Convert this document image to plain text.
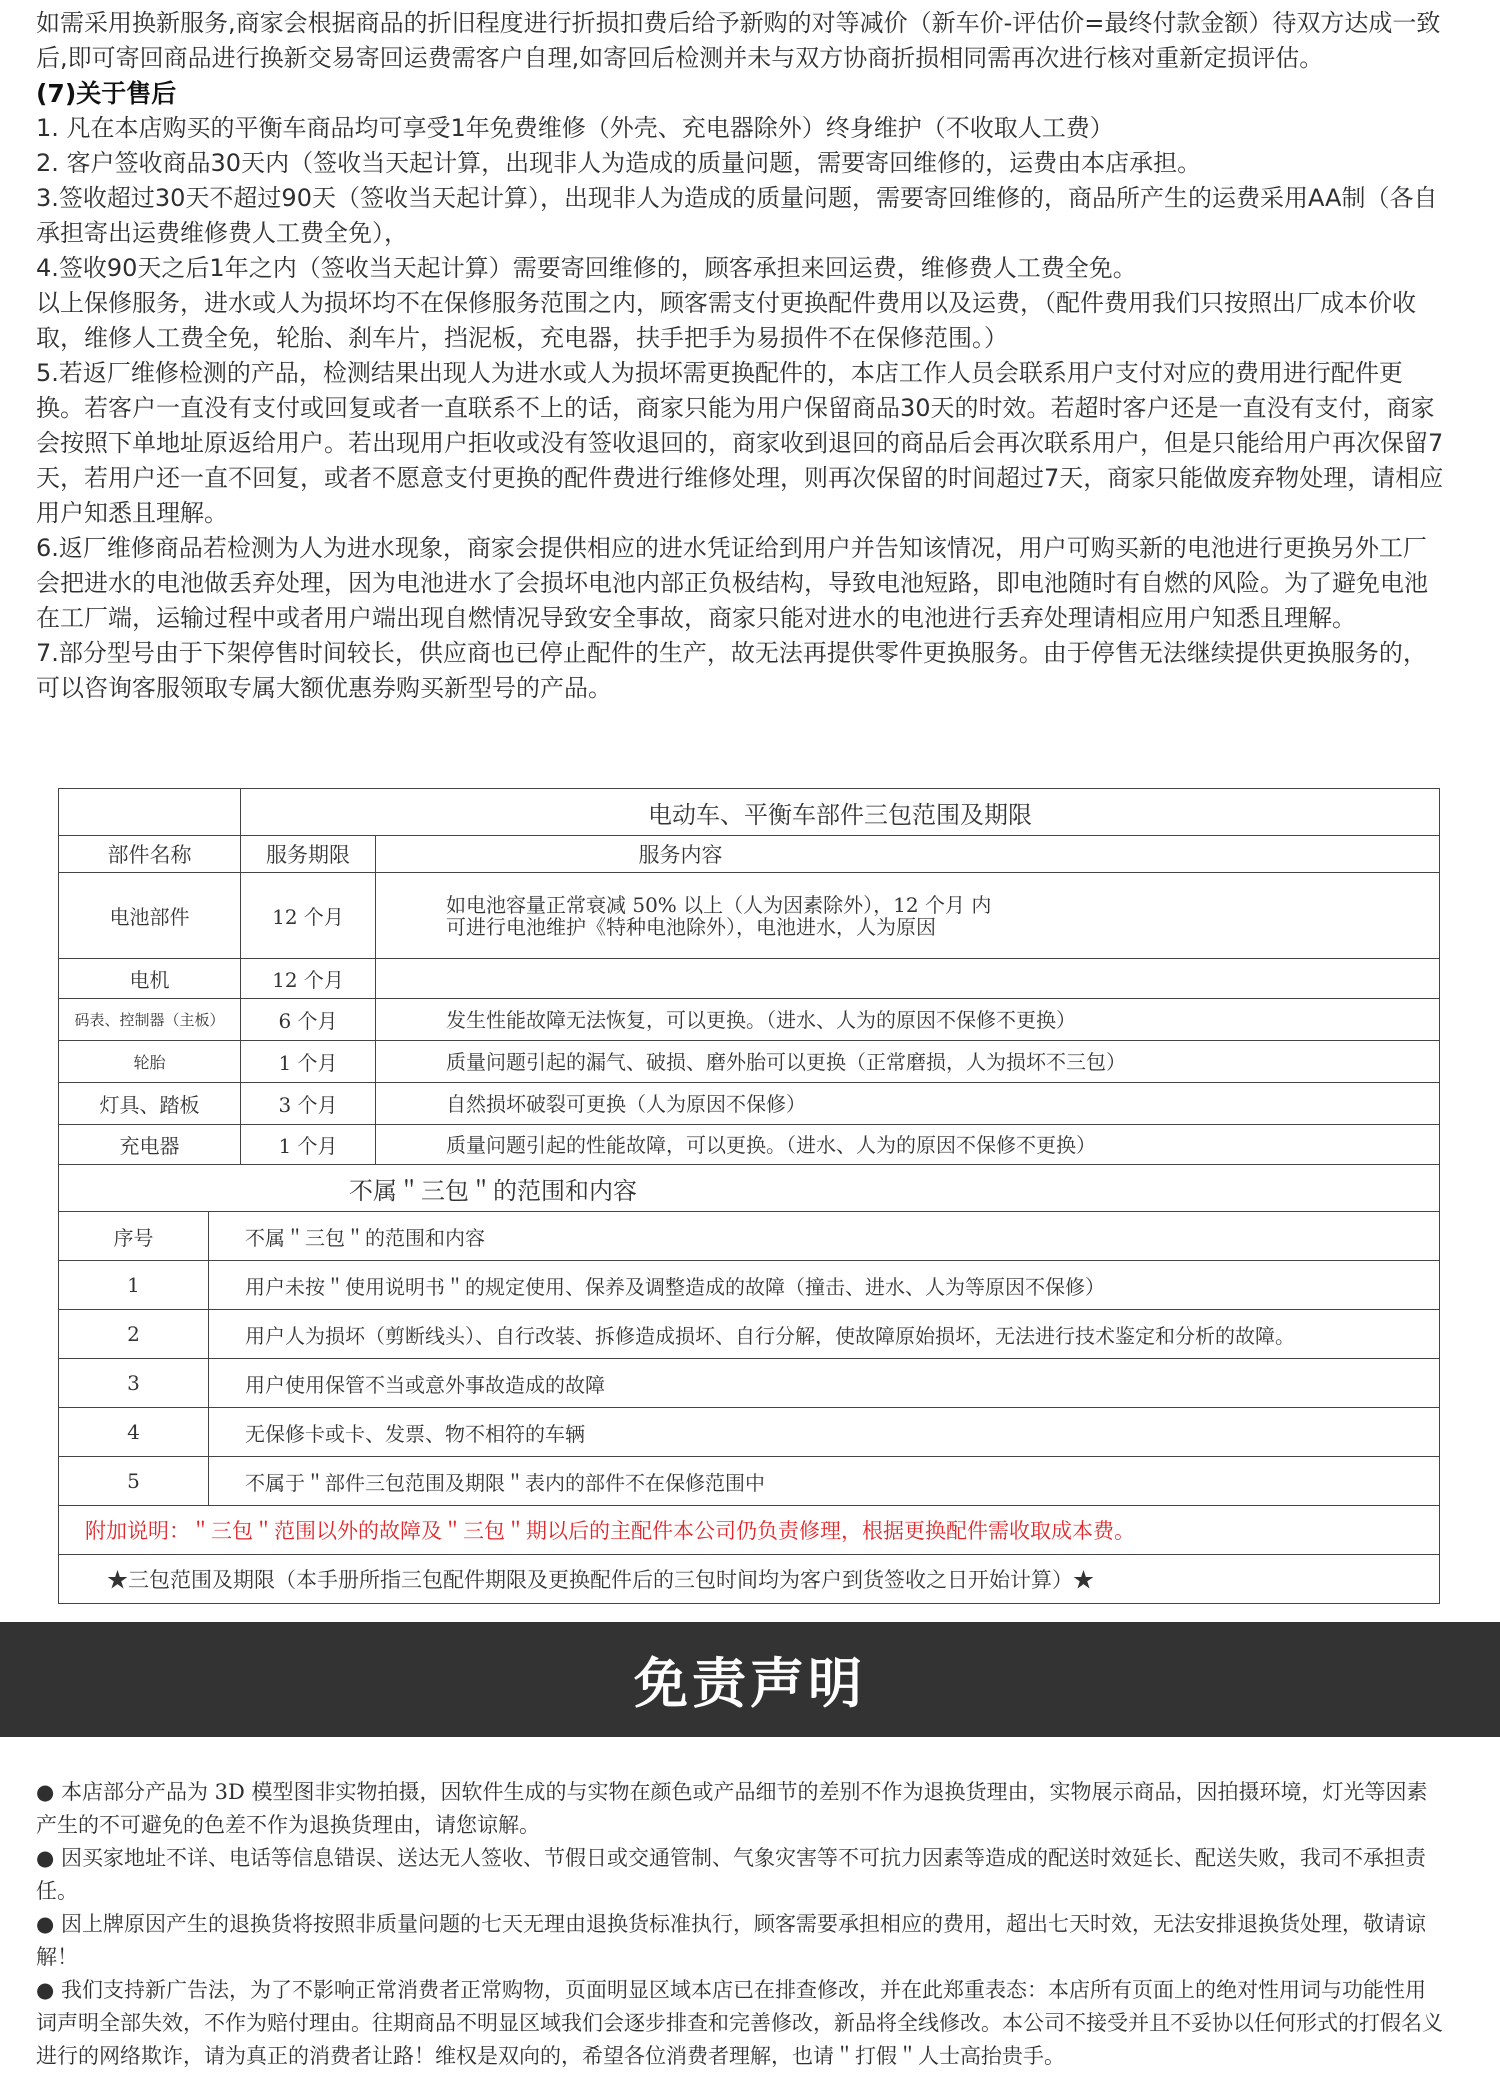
如需采用换新服务,商家会根据商品的折旧程度进行折损扣费后给予新购的对等减价（新车价-评估价=最终付款金额）待双方达成一致后,即可寄回商品进行换新交易寄回运费需客户自理,如寄回后检测并未与双方协商折损相同需再次进行核对重新定损评估。

(7)关于售后

1. 凡在本店购买的平衡车商品均可享受1年免费维修（外壳、充电器除外）终身维护（不收取人工费）

2. 客户签收商品30天内（签收当天起计算，出现非人为造成的质量问题，需要寄回维修的，运费由本店承担。

3.签收超过30天不超过90天（签收当天起计算），出现非人为造成的质量问题，需要寄回维修的，商品所产生的运费采用AA制（各自承担寄出运费维修费人工费全免），

4.签收90天之后1年之内（签收当天起计算）需要寄回维修的，顾客承担来回运费，维修费人工费全免。

以上保修服务，进水或人为损坏均不在保修服务范围之内，顾客需支付更换配件费用以及运费，（配件费用我们只按照出厂成本价收取，维修人工费全免，轮胎、刹车片，挡泥板，充电器，扶手把手为易损件不在保修范围。）

5.若返厂维修检测的产品，检测结果出现人为进水或人为损坏需更换配件的，本店工作人员会联系用户支付对应的费用进行配件更换。若客户一直没有支付或回复或者一直联系不上的话，商家只能为用户保留商品30天的时效。若超时客户还是一直没有支付，商家会按照下单地址原返给用户。若出现用户拒收或没有签收退回的，商家收到退回的商品后会再次联系用户，但是只能给用户再次保留7天，若用户还一直不回复，或者不愿意支付更换的配件费进行维修处理，则再次保留的时间超过7天，商家只能做废弃物处理，请相应用户知悉且理解。

6.返厂维修商品若检测为人为进水现象，商家会提供相应的进水凭证给到用户并告知该情况，用户可购买新的电池进行更换另外工厂会把进水的电池做丢弃处理，因为电池进水了会损坏电池内部正负极结构，导致电池短路，即电池随时有自燃的风险。为了避免电池在工厂端，运输过程中或者用户端出现自燃情况导致安全事故，商家只能对进水的电池进行丢弃处理请相应用户知悉且理解。

7.部分型号由于下架停售时间较长，供应商也已停止配件的生产，故无法再提供零件更换服务。由于停售无法继续提供更换服务的，可以咨询客服领取专属大额优惠券购买新型号的产品。

		电动车、平衡车部件三包范围及期限	
部件名称		服务期限	服务内容
电池部件		12 个月	如电池容量正常衰减 50% 以上（人为因素除外），12 个月 内可进行电池维护《特种电池除外），电池进水，人为原因

电机		12 个月	
码表、控制器（主板）		6 个月	发生性能故障无法恢复，可以更换。（进水、人为的原因不保修不更换）
轮胎		1 个月	质量问题引起的漏气、破损、磨外胎可以更换（正常磨损，人为损坏不三包）
灯具、踏板		3 个月	自然损坏破裂可更换（人为原因不保修）
充电器		1 个月	质量问题引起的性能故障，可以更换。（进水、人为的原因不保修不更换）
不属＂三包＂的范围和内容			
序号	不属＂三包＂的范围和内容		
1	用户未按＂使用说明书＂的规定使用、保养及调整造成的故障（撞击、进水、人为等原因不保修）		
2	用户人为损坏（剪断线头）、自行改装、拆修造成损坏、自行分解，使故障原始损坏，无法进行技术鉴定和分析的故障。		
3	用户使用保管不当或意外事故造成的故障		
4	无保修卡或卡、发票、物不相符的车辆		
5	不属于＂部件三包范围及期限＂表内的部件不在保修范围中		
附加说明：＂三包＂范围以外的故障及＂三包＂期以后的主配件本公司仍负责修理，根据更换配件需收取成本费。			
★三包范围及期限（本手册所指三包配件期限及更换配件后的三包时间均为客户到货签收之日开始计算）★			
免责声明

● 本店部分产品为 3D 模型图非实物拍摄，因软件生成的与实物在颜色或产品细节的差别不作为退换货理由，实物展示商品，因拍摄环境，灯光等因素产生的不可避免的色差不作为退换货理由，请您谅解。

● 因买家地址不详、电话等信息错误、送达无人签收、节假日或交通管制、气象灾害等不可抗力因素等造成的配送时效延长、配送失败，我司不承担责任。

● 因上牌原因产生的退换货将按照非质量问题的七天无理由退换货标准执行，顾客需要承担相应的费用，超出七天时效，无法安排退换货处理，敬请谅解！

● 我们支持新广告法，为了不影响正常消费者正常购物，页面明显区域本店已在排查修改，并在此郑重表态：本店所有页面上的绝对性用词与功能性用词声明全部失效，不作为赔付理由。往期商品不明显区域我们会逐步排查和完善修改，新品将全线修改。本公司不接受并且不妥协以任何形式的打假名义进行的网络欺诈，请为真正的消费者让路！维权是双向的，希望各位消费者理解，也请＂打假＂人士高抬贵手。
